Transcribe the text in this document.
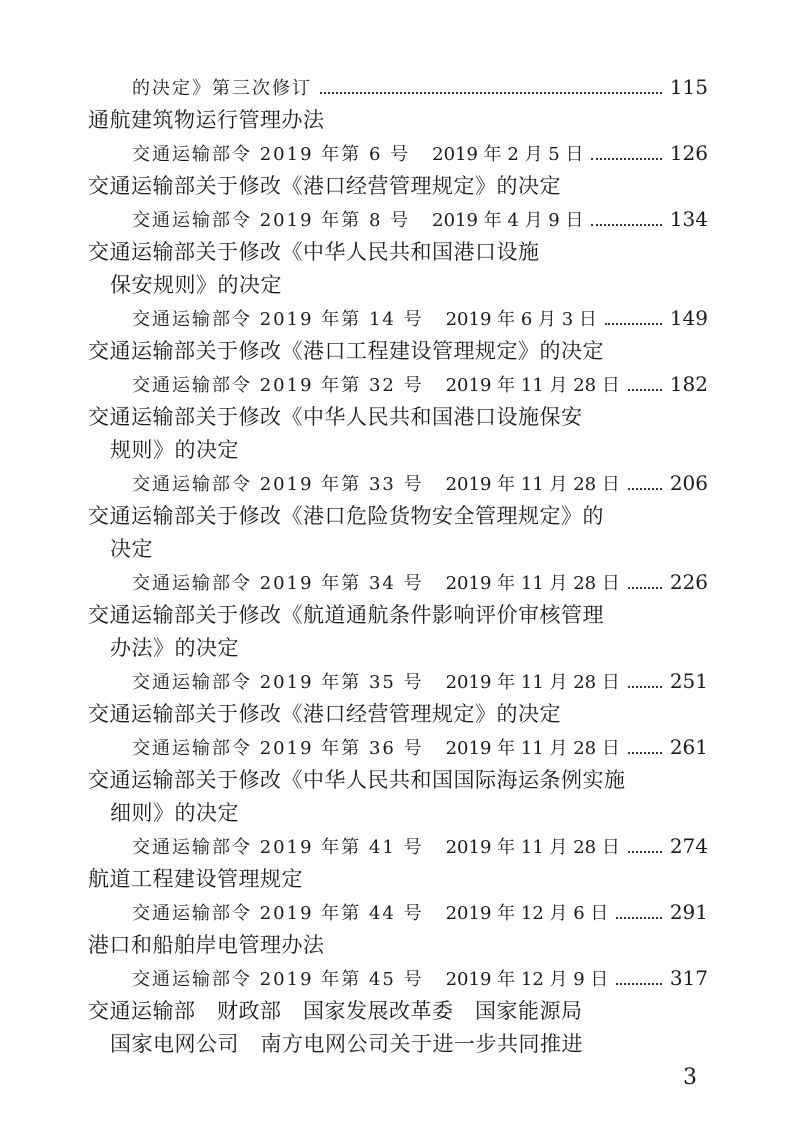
的决定》第三次修订	115
通航建筑物运行管理办法
交通运输部令 2019 年第 6 号 2019 年 2 月 5 日	126
交通运输部关于修改《港口经营管理规定》的决定
交通运输部令 2019 年第 8 号 2019 年 4 月 9 日	134
交通运输部关于修改《中华人民共和国港口设施
保安规则》的决定
交通运输部令 2019 年第 14 号 2019 年 6 月 3 日	149
交通运输部关于修改《港口工程建设管理规定》的决定
交通运输部令 2019 年第 32 号 2019 年 11 月 28 日 182
交通运输部关于修改《中华人民共和国港口设施保安
规则》的决定
交通运输部令 2019 年第 33 号 2019 年 11 月 28 日 206
交通运输部关于修改《港口危险货物安全管理规定》的
决定
交通运输部令 2019 年第 34 号 2019 年 11 月 28 日 226
交通运输部关于修改《航道通航条件影响评价审核管理
办法》的决定
交通运输部令 2019 年第 35 号 2019 年 11 月 28 日 251
交通运输部关于修改《港口经营管理规定》的决定
交通运输部令 2019 年第 36 号 2019 年 11 月 28 日 261
交通运输部关于修改《中华人民共和国国际海运条例实施
细则》的决定
交通运输部令 2019 年第 41 号 2019 年 11 月 28 日 274
航道工程建设管理规定
交通运输部令 2019 年第 44 号 2019 年 12 月 6 日	291
港口和船舶岸电管理办法
交通运输部令 2019 年第 45 号 2019 年 12 月 9 日	317
交通运输部　财政部　国家发展改革委　国家能源局
国家电网公司　南方电网公司关于进一步共同推进
3
